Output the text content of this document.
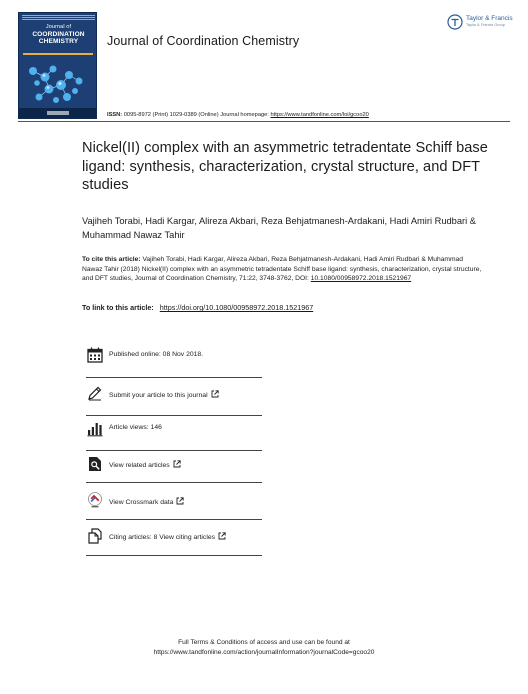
Journal of
COORDINATION
CHEMISTRY	Journal of Coordination Chemistry
Taylor & Francis
Taylor & Francis Group
ISSN: 0095-8972 (Print) 1029-0389 (Online) Journal homepage: https://www.tandfonline.com/loi/gcoo20
Nickel(II) complex with an asymmetric tetradentate Schiff base ligand: synthesis, characterization, crystal structure, and DFT studies
Vajiheh Torabi, Hadi Kargar, Alireza Akbari, Reza Behjatmanesh-Ardakani, Hadi Amiri Rudbari & Muhammad Nawaz Tahir
To cite this article: Vajiheh Torabi, Hadi Kargar, Alireza Akbari, Reza Behjatmanesh-Ardakani, Hadi Amiri Rudbari & Muhammad Nawaz Tahir (2018) Nickel(II) complex with an asymmetric tetradentate Schiff base ligand: synthesis, characterization, crystal structure, and DFT studies, Journal of Coordination Chemistry, 71:22, 3748-3762, DOI: 10.1080/00958972.2018.1521967
To link to this article: https://doi.org/10.1080/00958972.2018.1521967
Published online: 08 Nov 2018.
Submit your article to this journal
Article views: 146
View related articles
View Crossmark data
Citing articles: 8 View citing articles
Full Terms & Conditions of access and use can be found at
https://www.tandfonline.com/action/journalInformation?journalCode=gcoo20
